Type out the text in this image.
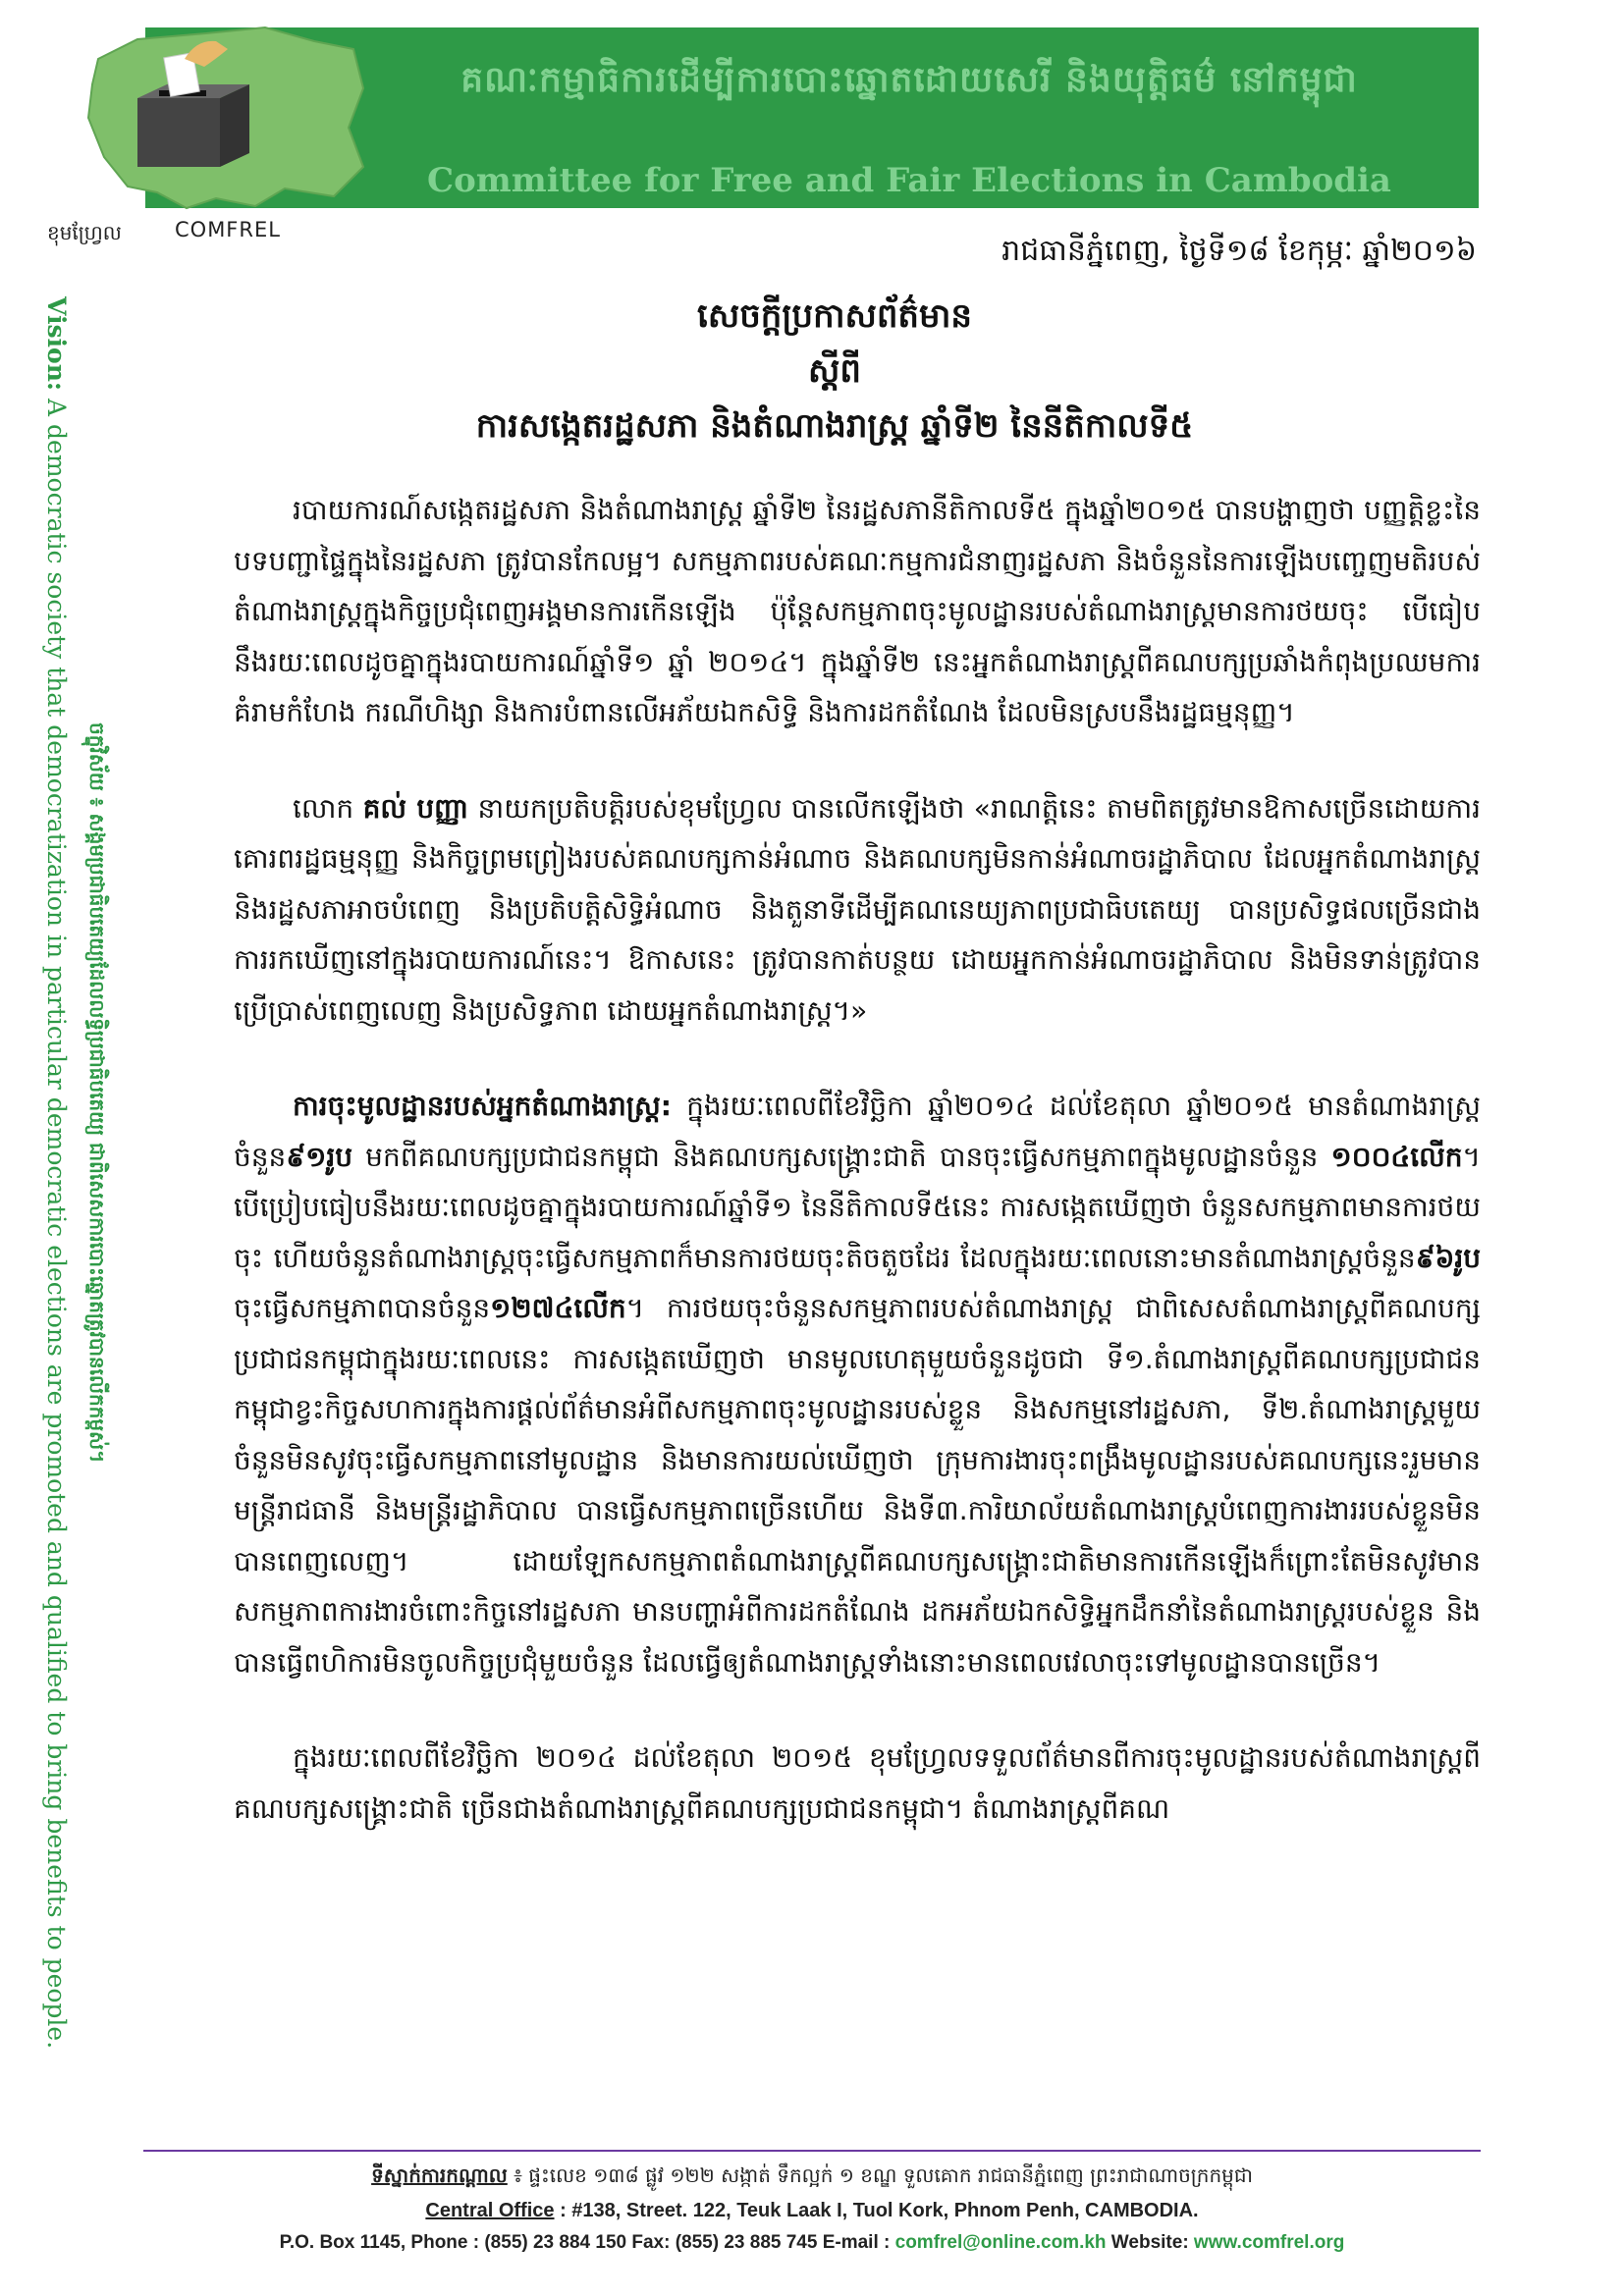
គណៈកម្មាធិការដើម្បីការបោះឆ្នោតដោយសេរី និងយុត្តិធម៌ នៅកម្ពុជា
Committee for Free and Fair Elections in Cambodia
ខុមហ្វ្រែល	COMFREL
Vision: A democratic society that democratization in particular democratic elections are promoted and qualified to bring benefits to people. ចក្ខុវិស័យ ៖ សង្គមប្រជាធិបតេយ្យដែលលទ្ធិប្រជាធិបតេយ្យ ជាពិសេសការបោះឆ្នោតត្រូវបានលើកកម្ពស់។
រាជធានីភ្នំពេញ, ថ្ងៃទី១៨ ខែកុម្ភៈ ឆ្នាំ២០១៦
សេចក្តីប្រកាសព័ត៌មាន
ស្តីពី
ការសង្កេតរដ្ឋសភា និងតំណាងរាស្ត្រ ឆ្នាំទី២ នៃនីតិកាលទី៥

របាយការណ៍សង្កេតរដ្ឋសភា និងតំណាងរាស្ត្រ ឆ្នាំទី២ នៃរដ្ឋសភានីតិកាលទី៥ ក្នុងឆ្នាំ២០១៥ បានបង្ហាញថា បញ្ញត្តិខ្លះនៃបទបញ្ជាផ្ទៃក្នុងនៃរដ្ឋសភា ត្រូវបានកែលម្អ។ សកម្មភាពរបស់គណៈកម្មការជំនាញរដ្ឋសភា និងចំនួននៃការឡើងបញ្ចេញមតិរបស់តំណាងរាស្ត្រក្នុងកិច្ចប្រជុំពេញអង្គមានការកើនឡើង ប៉ុន្តែសកម្មភាពចុះមូលដ្ឋានរបស់តំណាងរាស្ត្រមានការថយចុះ បើធៀបនឹងរយៈពេលដូចគ្នាក្នុងរបាយការណ៍ឆ្នាំទី១ ឆ្នាំ ២០១៤។ ក្នុងឆ្នាំទី២ នេះអ្នកតំណាងរាស្ត្រពីគណបក្សប្រឆាំងកំពុងប្រឈមការគំរាមកំហែង ករណីហិង្សា និងការបំពានលើអភ័យឯកសិទ្ធិ និងការដកតំណែង ដែលមិនស្របនឹងរដ្ឋធម្មនុញ្ញ។

លោក គល់ បញ្ញា នាយកប្រតិបត្តិរបស់ខុមហ្វ្រែល បានលើកឡើងថា «រាណត្តិនេះ តាមពិតត្រូវមានឱកាសច្រើនដោយការគោរពរដ្ឋធម្មនុញ្ញ និងកិច្ចព្រមព្រៀងរបស់គណបក្សកាន់អំណាច និងគណបក្សមិនកាន់អំណាចរដ្ឋាភិបាល ដែលអ្នកតំណាងរាស្ត្រ និងរដ្ឋសភាអាចបំពេញ និងប្រតិបត្តិសិទ្ធិអំណាច និងតួនាទីដើម្បីគណនេយ្យភាពប្រជាធិបតេយ្យ បានប្រសិទ្ធផលច្រើនជាងការរកឃើញនៅក្នុងរបាយការណ៍នេះ។ ឱកាសនេះ ត្រូវបានកាត់បន្ថយ ដោយអ្នកកាន់អំណាចរដ្ឋាភិបាល និងមិនទាន់ត្រូវបានប្រើប្រាស់ពេញលេញ និងប្រសិទ្ធភាព ដោយអ្នកតំណាងរាស្ត្រ។»

ការចុះមូលដ្ឋានរបស់អ្នកតំណាងរាស្ត្រ: ក្នុងរយៈពេលពីខែវិច្ឆិកា ឆ្នាំ២០១៤ ដល់ខែតុលា ឆ្នាំ២០១៥ មានតំណាងរាស្ត្រចំនួន៩១រូប មកពីគណបក្សប្រជាជនកម្ពុជា និងគណបក្សសង្គ្រោះជាតិ បានចុះធ្វើសកម្មភាពក្នុងមូលដ្ឋានចំនួន ១០០៤លើក។ បើប្រៀបធៀបនឹងរយៈពេលដូចគ្នាក្នុងរបាយការណ៍ឆ្នាំទី១ នៃនីតិកាលទី៥នេះ ការសង្កេតឃើញថា ចំនួនសកម្មភាពមានការថយចុះ ហើយចំនួនតំណាងរាស្ត្រចុះធ្វើសកម្មភាពក៏មានការថយចុះតិចតួចដែរ ដែលក្នុងរយៈពេលនោះមានតំណាងរាស្ត្រចំនួន៩៦រូប ចុះធ្វើសកម្មភាពបានចំនួន១២៧៤លើក។ ការថយចុះចំនួនសកម្មភាពរបស់តំណាងរាស្ត្រ ជាពិសេសតំណាងរាស្ត្រពីគណបក្សប្រជាជនកម្ពុជាក្នុងរយៈពេលនេះ ការសង្កេតឃើញថា មានមូលហេតុមួយចំនួនដូចជា ទី១.តំណាងរាស្ត្រពីគណបក្សប្រជាជនកម្ពុជាខ្វះកិច្ចសហការក្នុងការផ្តល់ព័ត៌មានអំពីសកម្មភាពចុះមូលដ្ឋានរបស់ខ្លួន និងសកម្មនៅរដ្ឋសភា, ទី២.តំណាងរាស្ត្រមួយចំនួនមិនសូវចុះធ្វើសកម្មភាពនៅមូលដ្ឋាន និងមានការយល់ឃើញថា ក្រុមការងារចុះពង្រឹងមូលដ្ឋានរបស់គណបក្សនេះរួមមានមន្ត្រីរាជធានី និងមន្ត្រីរដ្ឋាភិបាល បានធ្វើសកម្មភាពច្រើនហើយ និងទី៣.ការិយាល័យតំណាងរាស្ត្របំពេញការងាររបស់ខ្លួនមិនបានពេញលេញ។ ដោយឡែកសកម្មភាពតំណាងរាស្ត្រពីគណបក្សសង្គ្រោះជាតិមានការកើនឡើងក៏ព្រោះតែមិនសូវមានសកម្មភាពការងារចំពោះកិច្ចនៅរដ្ឋសភា មានបញ្ហាអំពីការដកតំណែង ដកអភ័យឯកសិទ្ធិអ្នកដឹកនាំនៃតំណាងរាស្ត្ររបស់ខ្លួន និងបានធ្វើពហិការមិនចូលកិច្ចប្រជុំមួយចំនួន ដែលធ្វើឲ្យតំណាងរាស្ត្រទាំងនោះមានពេលវេលាចុះទៅមូលដ្ឋានបានច្រើន។

ក្នុងរយៈពេលពីខែវិច្ឆិកា ២០១៤ ដល់ខែតុលា ២០១៥ ខុមហ្វ្រែលទទួលព័ត៌មានពីការចុះមូលដ្ឋានរបស់តំណាងរាស្ត្រពីគណបក្សសង្គ្រោះជាតិ ច្រើនជាងតំណាងរាស្ត្រពីគណបក្សប្រជាជនកម្ពុជា។ តំណាងរាស្ត្រពីគណ

ទីស្នាក់ការកណ្តាល ៖ ផ្ទះលេខ ១៣៨ ផ្លូវ ១២២ សង្កាត់ ទឹកល្អក់ ១ ខណ្ឌ ទួលគោក រាជធានីភ្នំពេញ ព្រះរាជាណាចក្រកម្ពុជា
Central Office : #138, Street. 122, Teuk Laak I, Tuol Kork, Phnom Penh, CAMBODIA.
P.O. Box 1145, Phone : (855) 23 884 150 Fax: (855) 23 885 745 E-mail : comfrel@online.com.kh Website: www.comfrel.org
